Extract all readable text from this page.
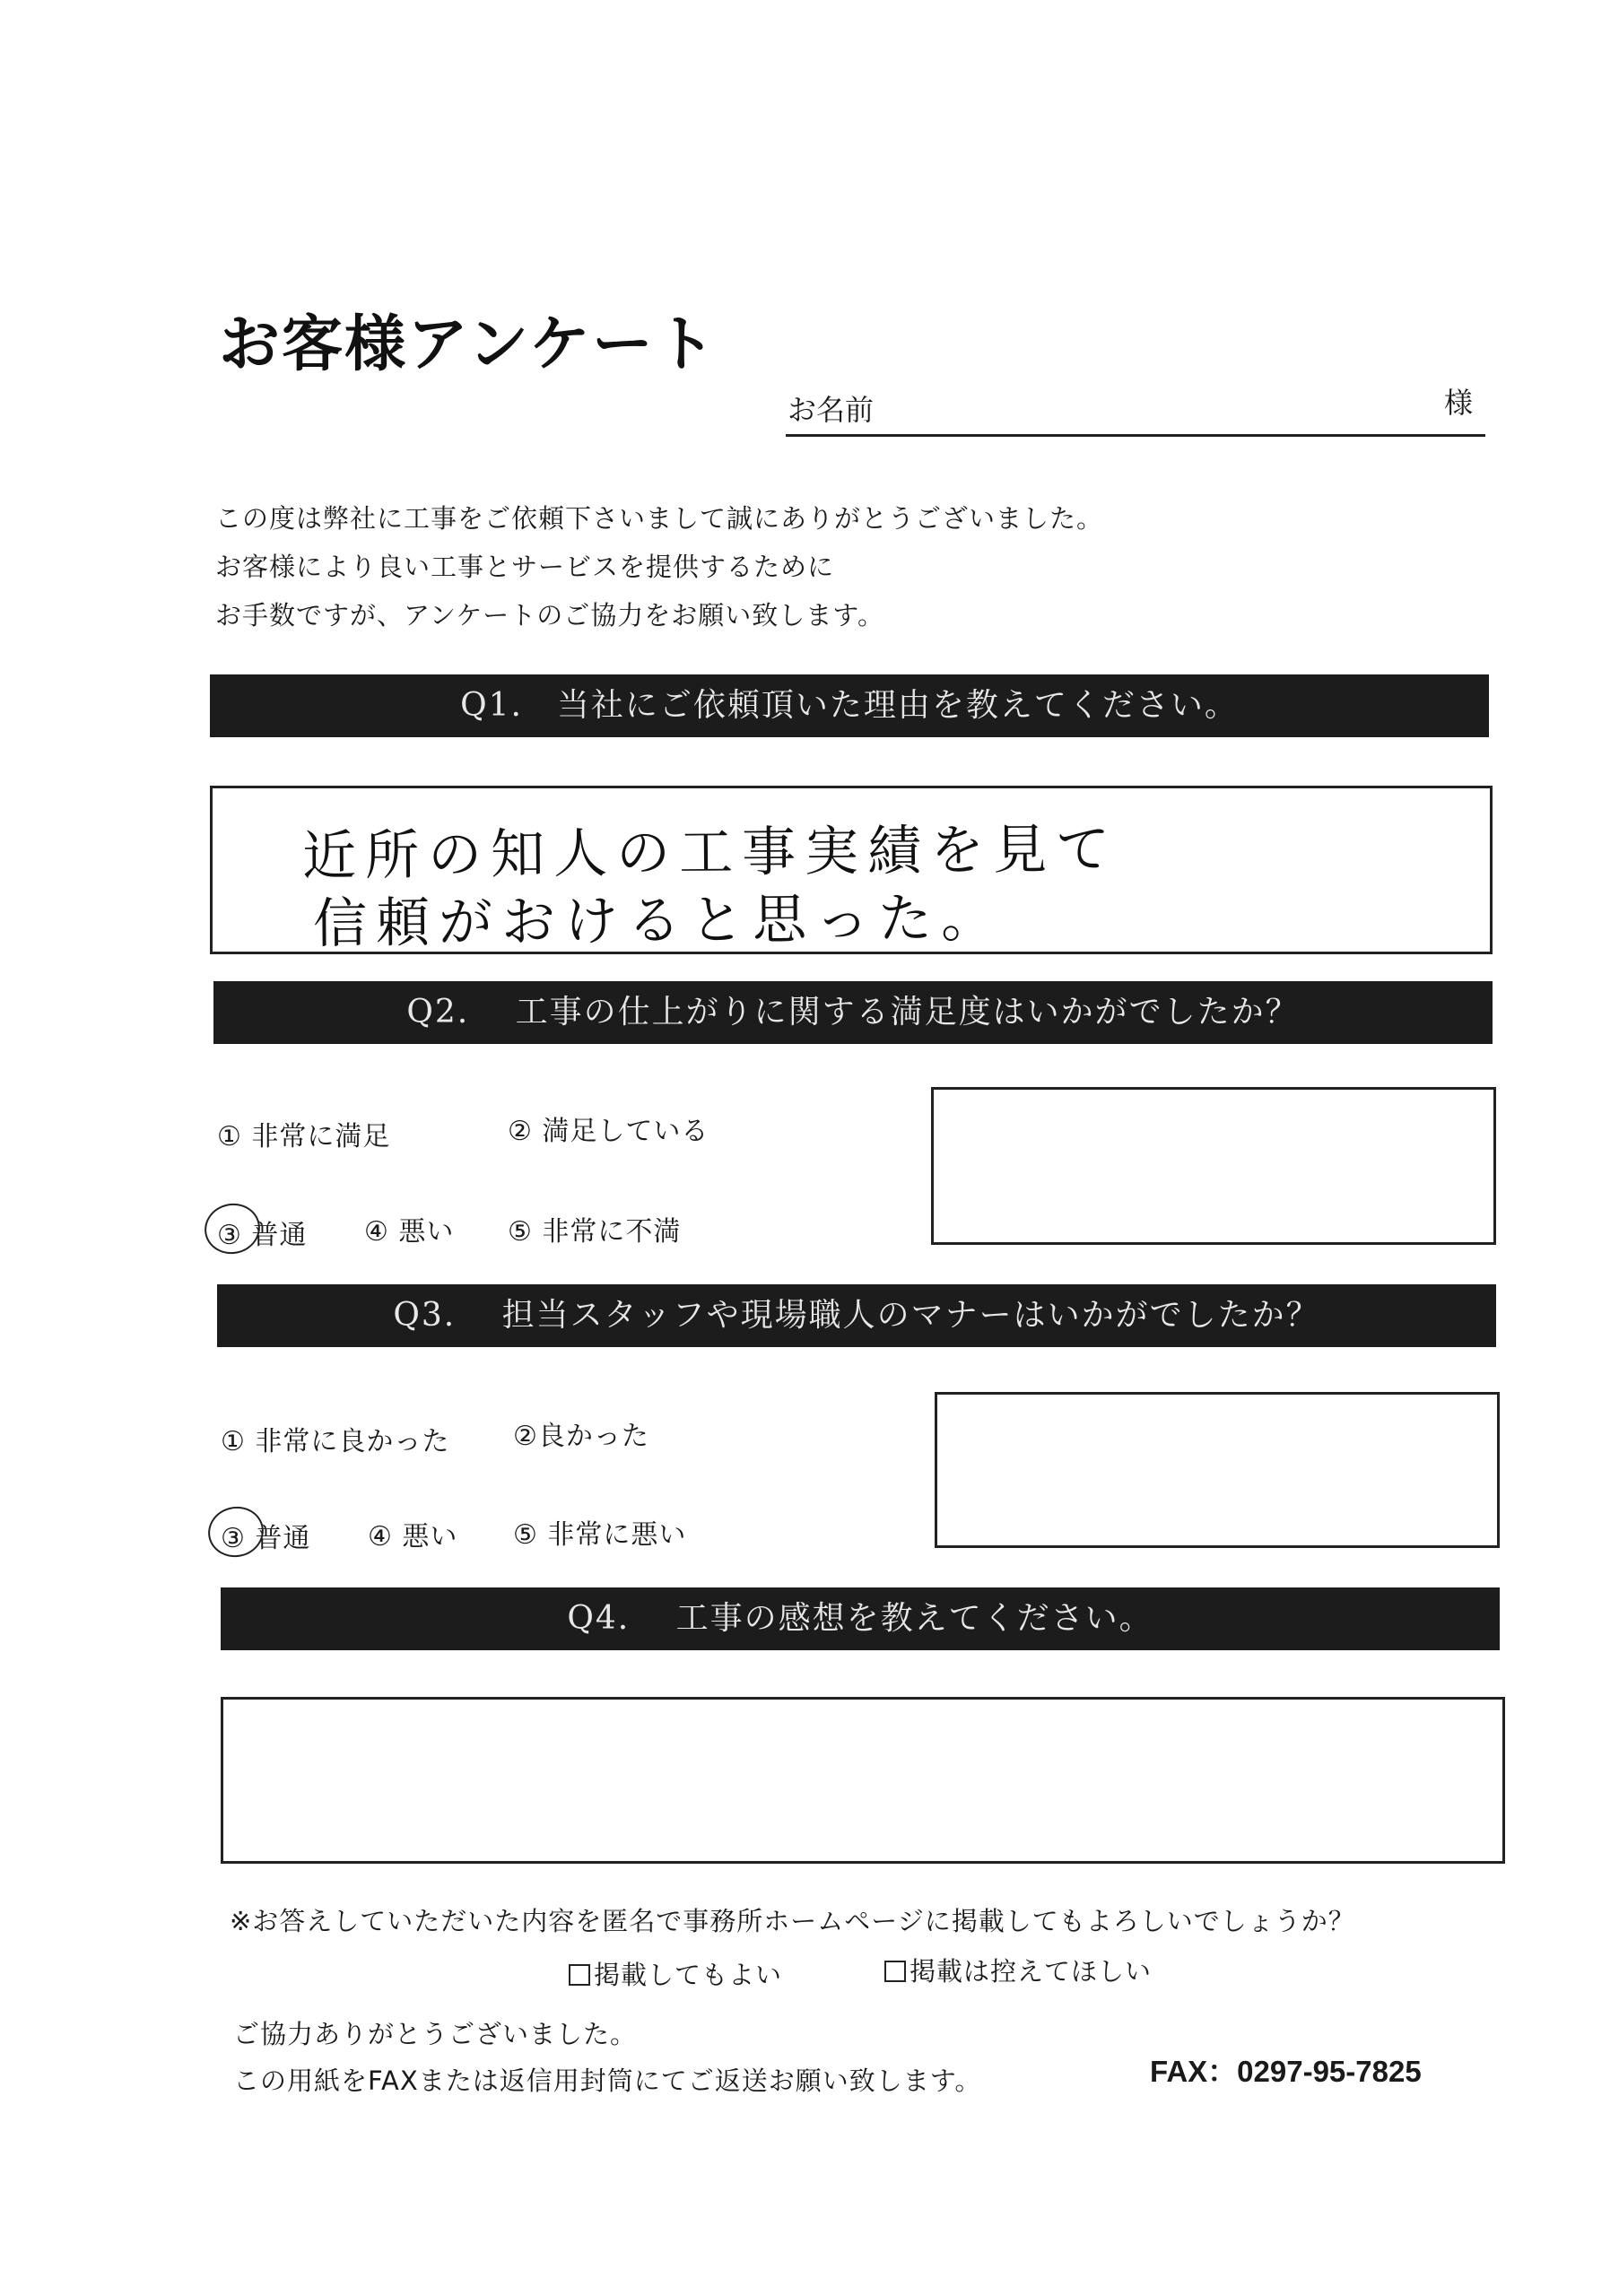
お客様アンケート
お名前	様
この度は弊社に工事をご依頼下さいまして誠にありがとうございました。
お客様により良い工事とサービスを提供するために
お手数ですが、アンケートのご協力をお願い致します。
Q1.　当社にご依頼頂いた理由を教えてください。
近所の知人の工事実績を見て
信頼がおけると思った。
Q2.　 工事の仕上がりに関する満足度はいかがでしたか？
① 非常に満足	② 満足している
③ 普通 ④ 悪い ⑤ 非常に不満
Q3.　 担当スタッフや現場職人のマナーはいかがでしたか？
① 非常に良かった ②良かった
③ 普通 ④ 悪い ⑤ 非常に悪い
Q4.　 工事の感想を教えてください。
※お答えしていただいた内容を匿名で事務所ホームページに掲載してもよろしいでしょうか？
掲載してもよい	掲載は控えてほしい
ご協力ありがとうございました。
この用紙をFAXまたは返信用封筒にてご返送お願い致します。	FAX：0297-95-7825
